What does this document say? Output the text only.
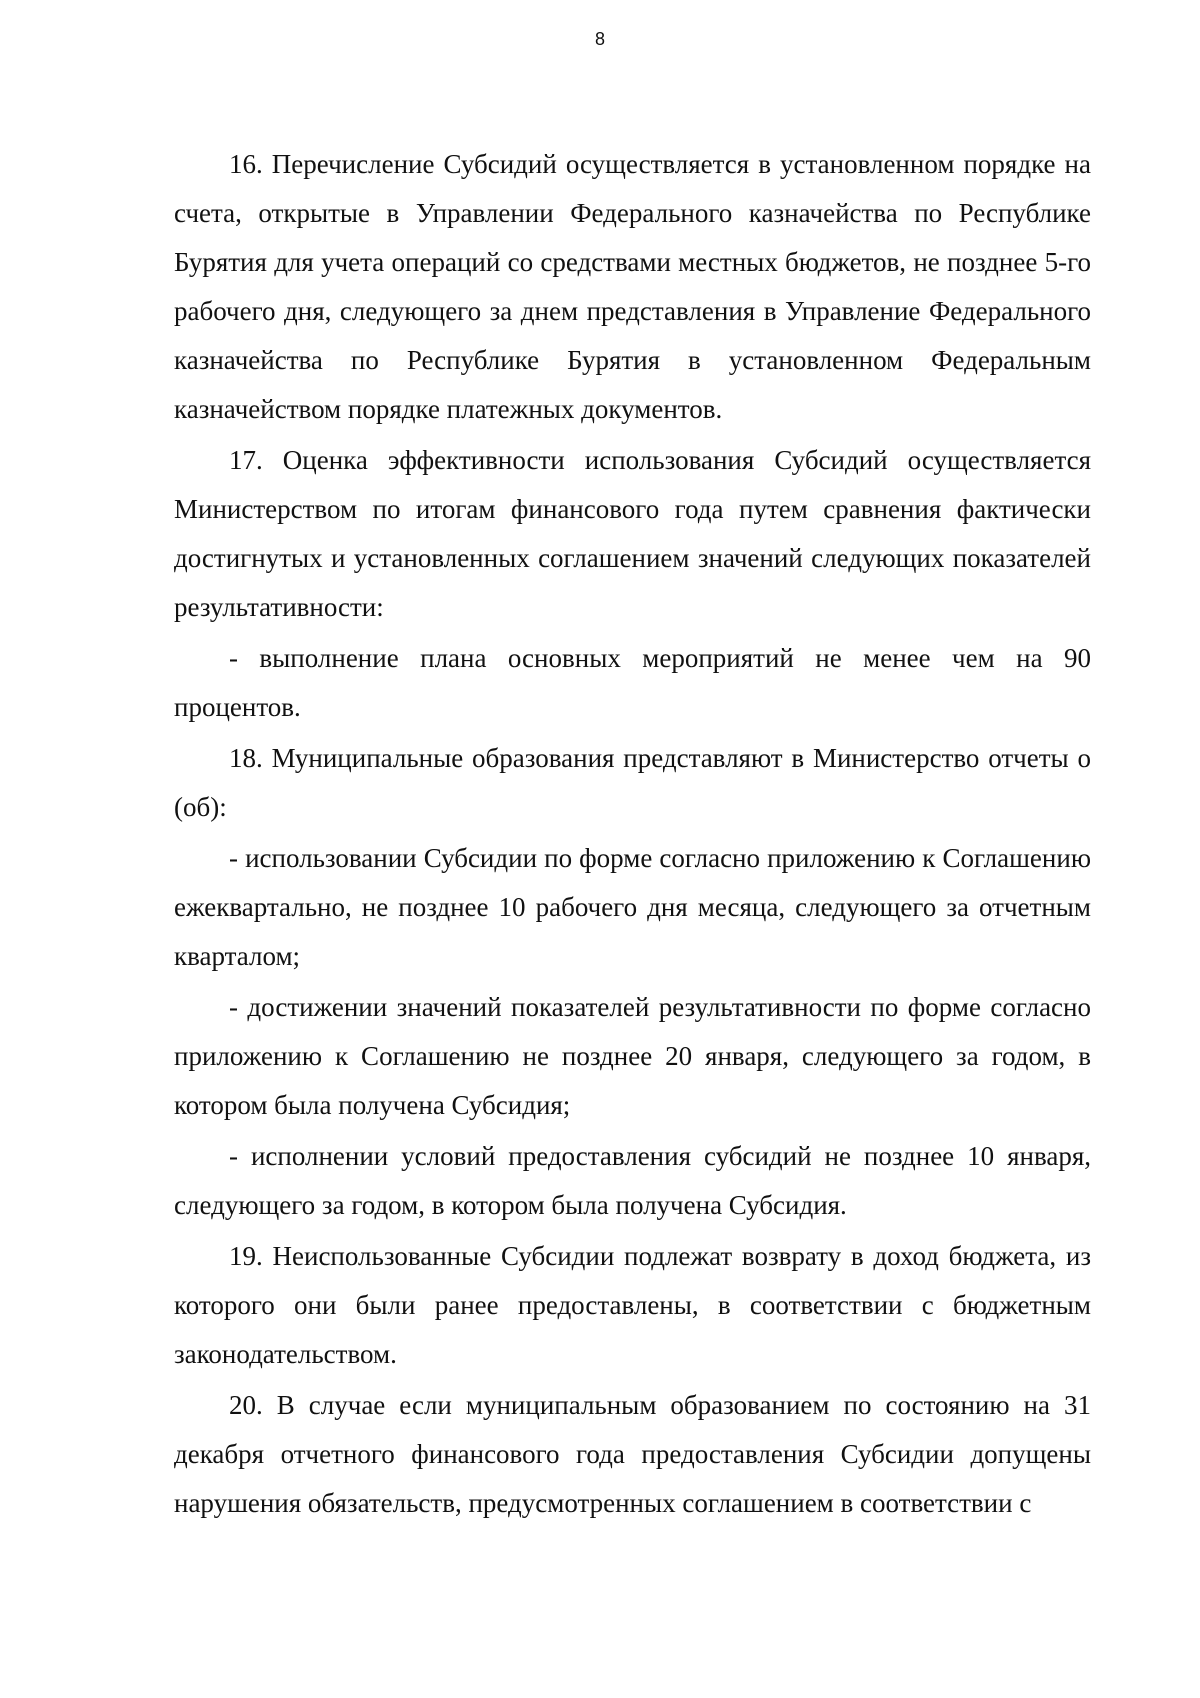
8

16. Перечисление Субсидий осуществляется в установленном порядке на счета, открытые в Управлении Федерального казначейства по Республике Бурятия для учета операций со средствами местных бюджетов, не позднее 5-го рабочего дня, следующего за днем представления в Управление Федерального казначейства по Республике Бурятия в установленном Федеральным казначейством порядке платежных документов.

17. Оценка эффективности использования Субсидий осуществляется Министерством по итогам финансового года путем сравнения фактически достигнутых и установленных соглашением значений следующих показателей результативности:

- выполнение плана основных мероприятий не менее чем на 90 процентов.

18. Муниципальные образования представляют в Министерство отчеты о (об):

- использовании Субсидии по форме согласно приложению к Соглашению ежеквартально, не позднее 10 рабочего дня месяца, следующего за отчетным кварталом;

- достижении значений показателей результативности по форме согласно приложению к Соглашению не позднее 20 января, следующего за годом, в котором была получена Субсидия;

- исполнении условий предоставления субсидий не позднее 10 января, следующего за годом, в котором была получена Субсидия.

19. Неиспользованные Субсидии подлежат возврату в доход бюджета, из которого они были ранее предоставлены, в соответствии с бюджетным законодательством.

20. В случае если муниципальным образованием по состоянию на 31 декабря отчетного финансового года предоставления Субсидии допущены нарушения обязательств, предусмотренных соглашением в соответствии с
